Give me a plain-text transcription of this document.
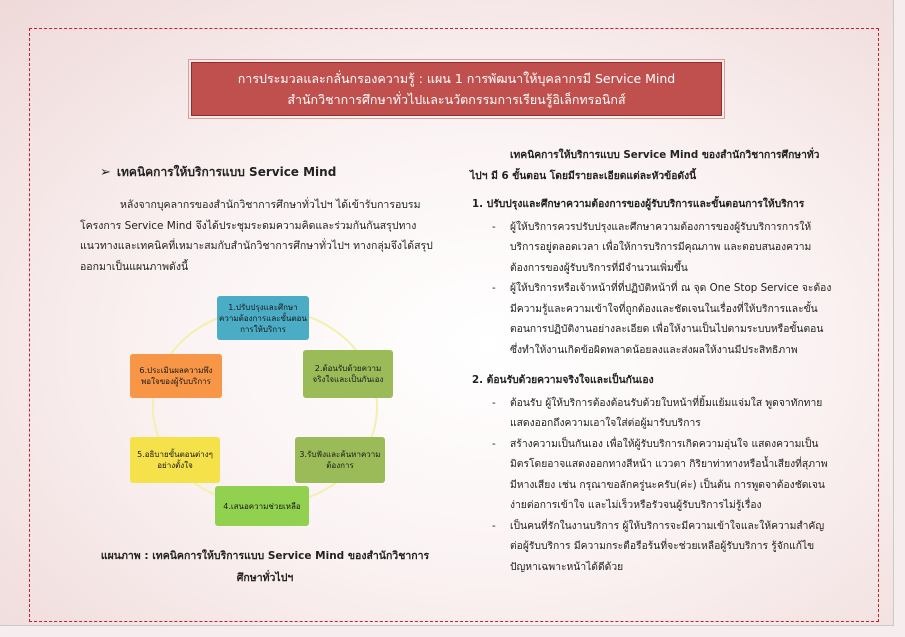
การประมวลและกลั่นกรองความรู้ : แผน 1 การพัฒนาให้บุคลากรมี Service Mind
สำนักวิชาการศึกษาทั่วไปและนวัตกรรมการเรียนรู้อิเล็กทรอนิกส์
➢ เทคนิคการให้บริการแบบ Service Mind
หลังจากบุคลากรของสำนักวิชาการศึกษาทั่วไปฯ ได้เข้ารับการอบรมโครงการ Service Mind จึงได้ประชุมระดมความคิดและร่วมกันกันสรุปทางแนวทางและเทคนิคที่เหมาะสมกับสำนักวิชาการศึกษาทั่วไปฯ ทางกลุ่มจึงได้สรุปออกมาเป็นแผนภาพดังนี้
1.ปรับปรุงและศึกษาความต้องการและขั้นตอนการให้บริการ
2.ต้อนรับด้วยความจริงใจและเป็นกันเอง
3.รับฟังและค้นหาความต้องการ
4.เสนอความช่วยเหลือ
5.อธิบายขั้นตอนต่างๆ อย่างตั้งใจ
6.ประเมินผลความพึงพอใจของผู้รับบริการ
แผนภาพ : เทคนิคการให้บริการแบบ Service Mind ของสำนักวิชาการศึกษาทั่วไปฯ
เทคนิคการให้บริการแบบ Service Mind ของสำนักวิชาการศึกษาทั่วไปฯ มี 6 ขั้นตอน โดยมีรายละเอียดแต่ละหัวข้อดังนี้
1. ปรับปรุงและศึกษาความต้องการของผู้รับบริการและขั้นตอนการให้บริการ
- ผู้ให้บริการควรปรับปรุงและศึกษาความต้องการของผู้รับบริการการให้บริการอยู่ตลอดเวลา เพื่อให้การบริการมีคุณภาพ และตอบสนองความต้องการของผู้รับบริการที่มีจำนวนเพิ่มขึ้น
- ผู้ให้บริการหรือเจ้าหน้าที่ที่ปฏิบัติหน้าที่ ณ จุด One Stop Service จะต้องมีความรู้และความเข้าใจที่ถูกต้องและชัดเจนในเรื่องที่ให้บริการและขั้นตอนการปฏิบัติงานอย่างละเอียด เพื่อให้งานเป็นไปตามระบบหรือขั้นตอน ซึ่งทำให้งานเกิดข้อผิดพลาดน้อยลงและส่งผลให้งานมีประสิทธิภาพ
2. ต้อนรับด้วยความจริงใจและเป็นกันเอง
- ต้อนรับ ผู้ให้บริการต้องต้อนรับด้วยใบหน้าที่ยิ้มแย้มแจ่มใส พูดจาทักทาย แสดงออกถึงความเอาใจใส่ต่อผู้มารับบริการ
- สร้างความเป็นกันเอง เพื่อให้ผู้รับบริการเกิดความอุ่นใจ แสดงความเป็นมิตรโดยอาจแสดงออกทางสีหน้า แววตา กิริยาท่าทางหรือน้ำเสียงที่สุภาพ มีหางเสียง เช่น กรุณาขอลักครู่นะครับ(ค่ะ) เป็นต้น การพูดจาต้องชัดเจน ง่ายต่อการเข้าใจ และไม่เร็วหรือรัวจนผู้รับบริการไม่รู้เรื่อง
- เป็นคนที่รักในงานบริการ ผู้ให้บริการจะมีความเข้าใจและให้ความสำคัญต่อผู้รับบริการ มีความกระตือรือร้นที่จะช่วยเหลือผู้รับบริการ รู้จักแก้ไขปัญหาเฉพาะหน้าได้ดีด้วย
